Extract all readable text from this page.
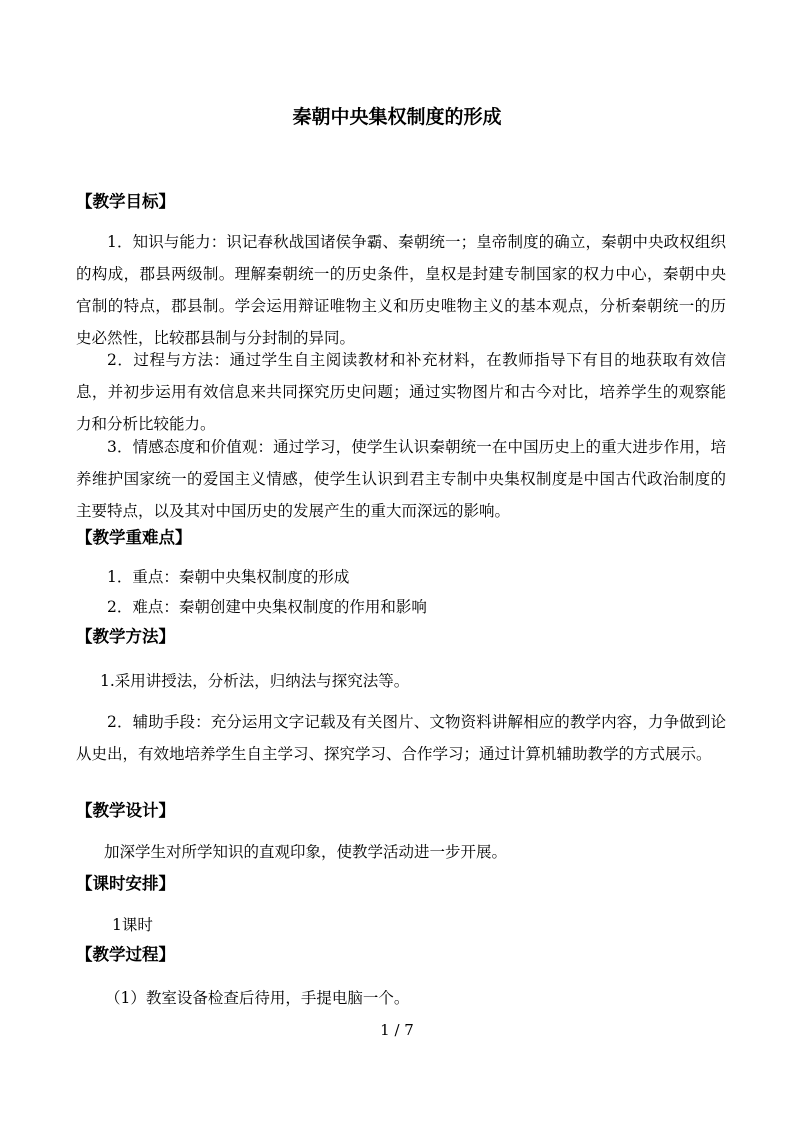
秦朝中央集权制度的形成
【教学目标】
1．知识与能力：识记春秋战国诸侯争霸、秦朝统一；皇帝制度的确立，秦朝中央政权组织的构成，郡县两级制。理解秦朝统一的历史条件，皇权是封建专制国家的权力中心，秦朝中央官制的特点，郡县制。学会运用辩证唯物主义和历史唯物主义的基本观点，分析秦朝统一的历史必然性，比较郡县制与分封制的异同。
2．过程与方法：通过学生自主阅读教材和补充材料，在教师指导下有目的地获取有效信息，并初步运用有效信息来共同探究历史问题；通过实物图片和古今对比，培养学生的观察能力和分析比较能力。
3．情感态度和价值观：通过学习，使学生认识秦朝统一在中国历史上的重大进步作用，培养维护国家统一的爱国主义情感，使学生认识到君主专制中央集权制度是中国古代政治制度的主要特点，以及其对中国历史的发展产生的重大而深远的影响。
【教学重难点】
1．重点：秦朝中央集权制度的形成
2．难点：秦朝创建中央集权制度的作用和影响
【教学方法】
1.采用讲授法，分析法，归纳法与探究法等。
2．辅助手段：充分运用文字记载及有关图片、文物资料讲解相应的教学内容，力争做到论从史出，有效地培养学生自主学习、探究学习、合作学习；通过计算机辅助教学的方式展示。
【教学设计】
加深学生对所学知识的直观印象，使教学活动进一步开展。
【课时安排】
1课时
【教学过程】
（1）教室设备检查后待用，手提电脑一个。
1 / 7
